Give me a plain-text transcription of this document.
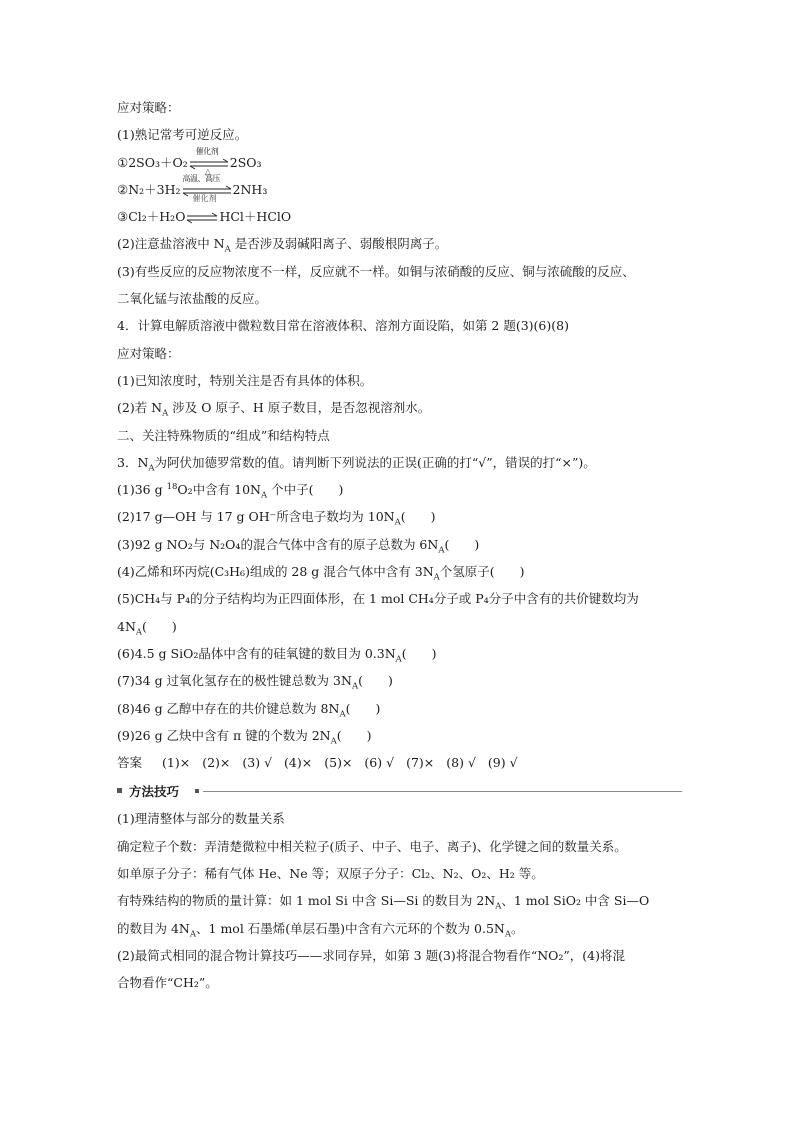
应对策略：
(1)熟记常考可逆反应。
①2SO₃＋O₂
催化剂
△
2SO₃
②N₂＋3H₂
高温、高压
催化剂
2NH₃
③Cl₂＋H₂O⇌HCl＋HClO
(2)注意盐溶液中 $N_A$ 是否涉及弱碱阳离子、弱酸根阴离子。
(3)有些反应的反应物浓度不一样，反应就不一样。如铜与浓硝酸的反应、铜与浓硫酸的反应、
二氧化锰与浓盐酸的反应。
4．计算电解质溶液中微粒数目常在溶液体积、溶剂方面设陷，如第 2 题(3)(6)(8)
应对策略：
(1)已知浓度时，特别关注是否有具体的体积。
(2)若 $N_A$ 涉及 O 原子、H 原子数目，是否忽视溶剂水。
二、关注特殊物质的“组成”和结构特点
3．$N_A$为阿伏加德罗常数的值。请判断下列说法的正误(正确的打“√”，错误的打“×”)。
(1)36 g $^{18}$O₂中含有 $10N_A$ 个中子(　　)
(2)17 g—OH 与 17 g OH⁻所含电子数均为 $10N_A$(　　)
(3)92 g NO₂与 N₂O₄的混合气体中含有的原子总数为 $6N_A$(　　)
(4)乙烯和环丙烷(C₃H₆)组成的 28 g 混合气体中含有 $3N_A$个氢原子(　　)
(5)CH₄与 P₄的分子结构均为正四面体形，在 1 mol CH₄分子或 P₄分子中含有的共价键数均为
$4N_A$(　　)
(6)4.5 g SiO₂晶体中含有的硅氧键的数目为 $0.3N_A$(　　)
(7)34 g 过氧化氢存在的极性键总数为 $3N_A$(　　)
(8)46 g 乙醇中存在的共价键总数为 $8N_A$(　　)
(9)26 g 乙炔中含有 π 键的个数为 $2N_A$(　　)
答案 (1)× (2)× (3) √ (4)× (5)× (6) √ (7)× (8) √ (9) √
方法技巧
(1)理清整体与部分的数量关系
确定粒子个数：弄清楚微粒中相关粒子(质子、中子、电子、离子)、化学键之间的数量关系。
如单原子分子：稀有气体 He、Ne 等；双原子分子：Cl₂、N₂、O₂、H₂ 等。
有特殊结构的物质的量计算：如 1 mol Si 中含 Si—Si 的数目为 $2N_A$、1 mol SiO₂ 中含 Si—O
的数目为 $4N_A$、1 mol 石墨烯(单层石墨)中含有六元环的个数为 $0.5N_A$。
(2)最简式相同的混合物计算技巧——求同存异，如第 3 题(3)将混合物看作“NO₂”，(4)将混
合物看作“CH₂”。
